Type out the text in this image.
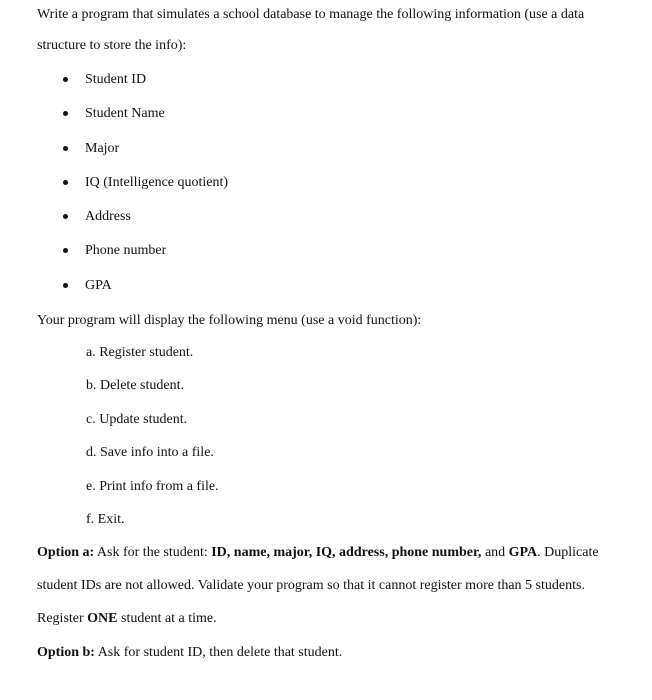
Write a program that simulates a school database to manage the following information (use a data
structure to store the info):
Student ID
Student Name
Major
IQ (Intelligence quotient)
Address
Phone number
GPA
Your program will display the following menu (use a void function):
a. Register student.
b. Delete student.
c. Update student.
d. Save info into a file.
e. Print info from a file.
f. Exit.
Option a: Ask for the student: ID, name, major, IQ, address, phone number, and GPA. Duplicate
student IDs are not allowed. Validate your program so that it cannot register more than 5 students.
Register ONE student at a time.
Option b: Ask for student ID, then delete that student.
